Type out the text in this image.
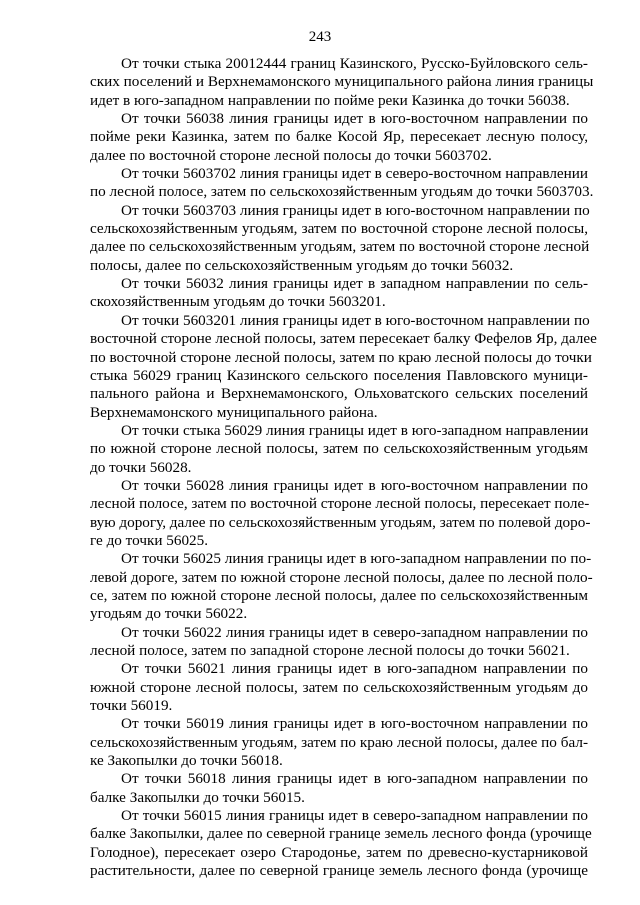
243

От точки стыка 20012444 границ Казинского, Русско-Буйловского сель-
ских поселений и Верхнемамонского муниципального района линия границы
идет в юго-западном направлении по пойме реки Казинка до точки 56038.

От точки 56038 линия границы идет в юго-восточном направлении по
пойме реки Казинка, затем по балке Косой Яр, пересекает лесную полосу,
далее по восточной стороне лесной полосы до точки 5603702.

От точки 5603702 линия границы идет в северо-восточном направлении
по лесной полосе, затем по сельскохозяйственным угодьям до точки 5603703.

От точки 5603703 линия границы идет в юго-восточном направлении по
сельскохозяйственным угодьям, затем по восточной стороне лесной полосы,
далее по сельскохозяйственным угодьям, затем по восточной стороне лесной
полосы, далее по сельскохозяйственным угодьям до точки 56032.

От точки 56032 линия границы идет в западном направлении по сель-
скохозяйственным угодьям до точки 5603201.

От точки 5603201 линия границы идет в юго-восточном направлении по
восточной стороне лесной полосы, затем пересекает балку Фефелов Яр, далее
по восточной стороне лесной полосы, затем по краю лесной полосы до точки
стыка 56029 границ Казинского сельского поселения Павловского муници-
пального района и Верхнемамонского, Ольховатского сельских поселений
Верхнемамонского муниципального района.

От точки стыка 56029 линия границы идет в юго-западном направлении
по южной стороне лесной полосы, затем по сельскохозяйственным угодьям
до точки 56028.

От точки 56028 линия границы идет в юго-восточном направлении по
лесной полосе, затем по восточной стороне лесной полосы, пересекает поле-
вую дорогу, далее по сельскохозяйственным угодьям, затем по полевой доро-
ге до точки 56025.

От точки 56025 линия границы идет в юго-западном направлении по по-
левой дороге, затем по южной стороне лесной полосы, далее по лесной поло-
се, затем по южной стороне лесной полосы, далее по сельскохозяйственным
угодьям до точки 56022.

От точки 56022 линия границы идет в северо-западном направлении по
лесной полосе, затем по западной стороне лесной полосы до точки 56021.

От точки 56021 линия границы идет в юго-западном направлении по
южной стороне лесной полосы, затем по сельскохозяйственным угодьям до
точки 56019.

От точки 56019 линия границы идет в юго-восточном направлении по
сельскохозяйственным угодьям, затем по краю лесной полосы, далее по бал-
ке Закопылки до точки 56018.

От точки 56018 линия границы идет в юго-западном направлении по
балке Закопылки до точки 56015.

От точки 56015 линия границы идет в северо-западном направлении по
балке Закопылки, далее по северной границе земель лесного фонда (урочище
Голодное), пересекает озеро Стародонье, затем по древесно-кустарниковой
растительности, далее по северной границе земель лесного фонда (урочище
